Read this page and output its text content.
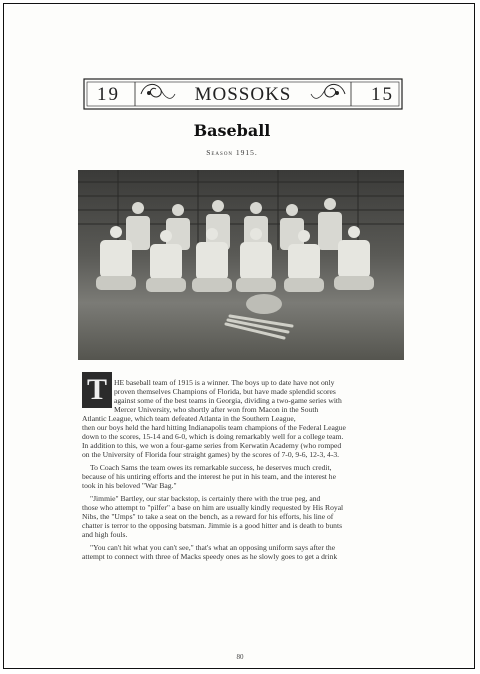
19	MOSSOKS	15
Baseball
Season 1915.
T HE baseball team of 1915 is a winner. The boys up to date have not only
proven themselves Champions of Florida, but have made splendid scores
against some of the best teams in Georgia, dividing a two-game series with
Mercer University, who shortly after won from Macon in the South
Atlantic League, which team defeated Atlanta in the Southern League,
then our boys held the hard hitting Indianapolis team champions of the Federal League
down to the scores, 15-14 and 6-0, which is doing remarkably well for a college team.
In addition to this, we won a four-game series from Kerwatin Academy (who romped
on the University of Florida four straight games) by the scores of 7-0, 9-6, 12-3, 4-3.
To Coach Sams the team owes its remarkable success, he deserves much credit,
because of his untiring efforts and the interest he put in his team, and the interest he
took in his beloved "War Bag."
"Jimmie" Bartley, our star backstop, is certainly there with the true peg, and
those who attempt to "pilfer" a base on him are usually kindly requested by His Royal
Nibs, the "Umps" to take a seat on the bench, as a reward for his efforts, his line of
chatter is terror to the opposing batsman. Jimmie is a good hitter and is death to bunts
and high fouls.
"You can't hit what you can't see," that's what an opposing uniform says after the
attempt to connect with three of Macks speedy ones as he slowly goes to get a drink
80
